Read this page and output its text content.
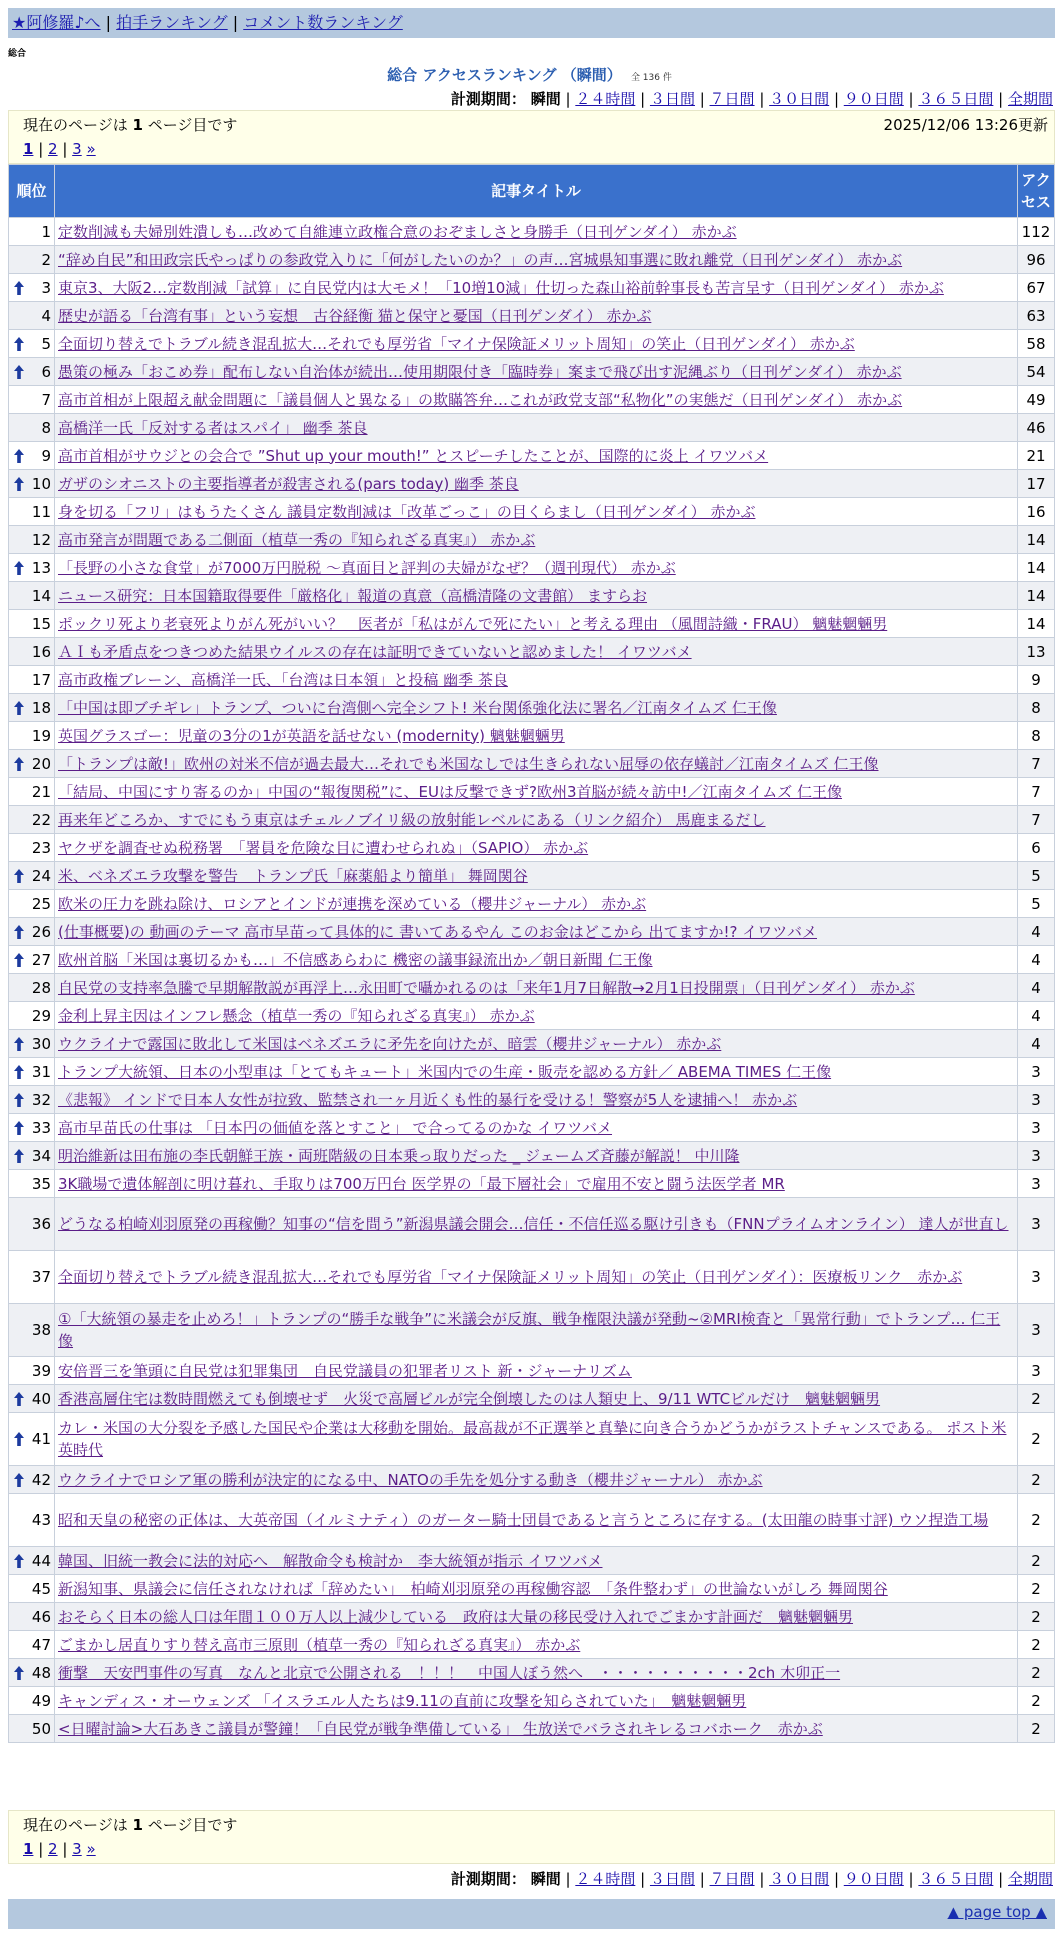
★阿修羅♪へ | 拍手ランキング | コメント数ランキング
総合
総合 アクセスランキング （瞬間） 全 136 件
計測期間： 瞬間 | ２４時間 | ３日間 | ７日間 | ３０日間 | ９０日間 | ３６５日間 | 全期間
現在のページは 1 ページ目です	2025/12/06 13:26更新
1 | 2 | 3 »
順位	記事タイトル	アクセス
1	定数削減も夫婦別姓潰しも…改めて自維連立政権合意のおぞましさと身勝手（日刊ゲンダイ） 赤かぶ	112
2	“辞め自民”和田政宗氏やっぱりの参政党入りに「何がしたいのか？」の声…宮城県知事選に敗れ離党（日刊ゲンダイ） 赤かぶ	96

3	東京3、大阪2…定数削減「試算」に自民党内は大モメ！「10増10減」仕切った森山裕前幹事長も苦言呈す（日刊ゲンダイ） 赤かぶ	67
4	歴史が語る「台湾有事」という妄想　古谷経衡 猫と保守と憂国（日刊ゲンダイ） 赤かぶ	63

5	全面切り替えでトラブル続き混乱拡大…それでも厚労省「マイナ保険証メリット周知」の笑止（日刊ゲンダイ） 赤かぶ	58

6	愚策の極み「おこめ券」配布しない自治体が続出…使用期限付き「臨時券」案まで飛び出す泥縄ぶり（日刊ゲンダイ） 赤かぶ	54
7	高市首相が上限超え献金問題に「議員個人と異なる」の欺瞞答弁…これが政党支部“私物化”の実態だ（日刊ゲンダイ） 赤かぶ	49
8	高橋洋一氏「反対する者はスパイ」 幽季 茶良	46

9	高市首相がサウジとの会合で ”Shut up your mouth!” とスピーチしたことが、国際的に炎上 イワツバメ	21

10	ガザのシオニストの主要指導者が殺害される(pars today) 幽季 茶良	17
11	身を切る「フリ」はもうたくさん 議員定数削減は「改革ごっこ」の目くらまし（日刊ゲンダイ） 赤かぶ	16
12	高市発言が問題である二側面（植草一秀の『知られざる真実』） 赤かぶ	14

13	「長野の小さな食堂」が7000万円脱税 〜真面目と評判の夫婦がなぜ？（週刊現代） 赤かぶ	14
14	ニュース研究：日本国籍取得要件「厳格化」報道の真意（高橋清隆の文書館） ますらお	14
15	ポックリ死より老衰死よりがん死がいい？　医者が「私はがんで死にたい」と考える理由 （風間詩織・FRAU） 魑魅魍魎男	14
16	ＡＩも矛盾点をつきつめた結果ウイルスの存在は証明できていないと認めました！ イワツバメ	13
17	高市政権ブレーン、高橋洋一氏、「台湾は日本領」と投稿 幽季 茶良	9

18	「中国は即ブチギレ」トランプ、ついに台湾側へ完全シフト! 米台関係強化法に署名／江南タイムズ 仁王像	8
19	英国グラスゴー：児童の3分の1が英語を話せない (modernity) 魑魅魍魎男	8

20	「トランプは敵!」欧州の対米不信が過去最大…それでも米国なしでは生きられない屈辱の依存蟻討／江南タイムズ 仁王像	7
21	「結局、中国にすり寄るのか」中国の“報復関税”に、EUは反撃できず?欧州3首脳が続々訪中!／江南タイムズ 仁王像	7
22	再来年どころか、すでにもう東京はチェルノブイリ級の放射能レベルにある（リンク紹介） 馬鹿まるだし	7
23	ヤクザを調査せぬ税務署　「署員を危険な目に遭わせられぬ」（SAPIO） 赤かぶ	6

24	米、ベネズエラ攻撃を警告　トランプ氏「麻薬船より簡単」 舞岡関谷	5
25	欧米の圧力を跳ね除け、ロシアとインドが連携を深めている（櫻井ジャーナル） 赤かぶ	5

26	(仕事概要)の 動画のテーマ 高市早苗って具体的に 書いてあるやん このお金はどこから 出てますか!? イワツバメ	4

27	欧州首脳「米国は裏切るかも…」不信感あらわに 機密の議事録流出か／朝日新聞 仁王像	4
28	自民党の支持率急騰で早期解散説が再浮上…永田町で囁かれるのは「来年1月7日解散→2月1日投開票」（日刊ゲンダイ） 赤かぶ	4
29	金利上昇主因はインフレ懸念（植草一秀の『知られざる真実』） 赤かぶ	4

30	ウクライナで露国に敗北して米国はベネズエラに矛先を向けたが、暗雲（櫻井ジャーナル） 赤かぶ	4

31	トランプ大統領、日本の小型車は「とてもキュート」米国内での生産・販売を認める方針／ ABEMA TIMES 仁王像	3

32	《悲報》 インドで日本人女性が拉致、監禁され一ヶ月近くも性的暴行を受ける！警察が5人を逮捕へ！ 赤かぶ	3

33	高市早苗氏の仕事は 「日本円の価値を落とすこと」 で合ってるのかな イワツバメ	3

34	明治維新は田布施の李氏朝鮮王族・両班階級の日本乗っ取りだった _ ジェームズ斉藤が解説！ 中川隆	3
35	3K職場で遺体解剖に明け暮れ、手取りは700万円台 医学界の「最下層社会」で雇用不安と闘う法医学者 MR	3
36	どうなる柏崎刈羽原発の再稼働？知事の“信を問う”新潟県議会開会…信任・不信任巡る駆け引きも（FNNプライムオンライン） 達人が世直し	3
37	全面切り替えでトラブル続き混乱拡大…それでも厚労省「マイナ保険証メリット周知」の笑止（日刊ゲンダイ）：医療板リンク　赤かぶ	3
38	①「大統領の暴走を止めろ！」トランプの“勝手な戦争”に米議会が反旗、戦争権限決議が発動~②MRI検査と「異常行動」でトランプ… 仁王像	3
39	安倍晋三を筆頭に自民党は犯罪集団　自民党議員の犯罪者リスト 新・ジャーナリズム	3

40	香港高層住宅は数時間燃えても倒壊せず　火災で高層ビルが完全倒壊したのは人類史上、9/11 WTCビルだけ　魑魅魍魎男	2

41	カレ・米国の大分裂を予感した国民や企業は大移動を開始。最高裁が不正選挙と真摯に向き合うかどうかがラストチャンスである。 ポスト米英時代	2

42	ウクライナでロシア軍の勝利が決定的になる中、NATOの手先を処分する動き（櫻井ジャーナル） 赤かぶ	2
43	昭和天皇の秘密の正体は、大英帝国（イルミナティ）のガーター騎士団員であると言うところに存する。(太田龍の時事寸評) ウソ捏造工場	2

44	韓国、旧統一教会に法的対応へ　解散命令も検討か　李大統領が指示 イワツバメ	2
45	新潟知事、県議会に信任されなければ「辞めたい」　柏崎刈羽原発の再稼働容認　「条件整わず」の世論ないがしろ 舞岡関谷	2
46	おそらく日本の総人口は年間１００万人以上減少している　政府は大量の移民受け入れでごまかす計画だ　魑魅魍魎男	2
47	ごまかし居直りすり替え高市三原則（植草一秀の『知られざる真実』） 赤かぶ	2

48	衝撃　天安門事件の写真　なんと北京で公開される　！！！　中国人ぼう然へ　・・・・・・・・・・2ch 木卯正一	2
49	キャンディス・オーウェンズ 「イスラエル人たちは9.11の直前に攻撃を知らされていた」　魑魅魍魎男	2
50	<日曜討論>大石あきこ議員が警鐘！「自民党が戦争準備している」 生放送でバラされキレるコバホーク　赤かぶ	2
現在のページは 1 ページ目です
1 | 2 | 3 »
計測期間： 瞬間 | ２４時間 | ３日間 | ７日間 | ３０日間 | ９０日間 | ３６５日間 | 全期間
▲ page top ▲
